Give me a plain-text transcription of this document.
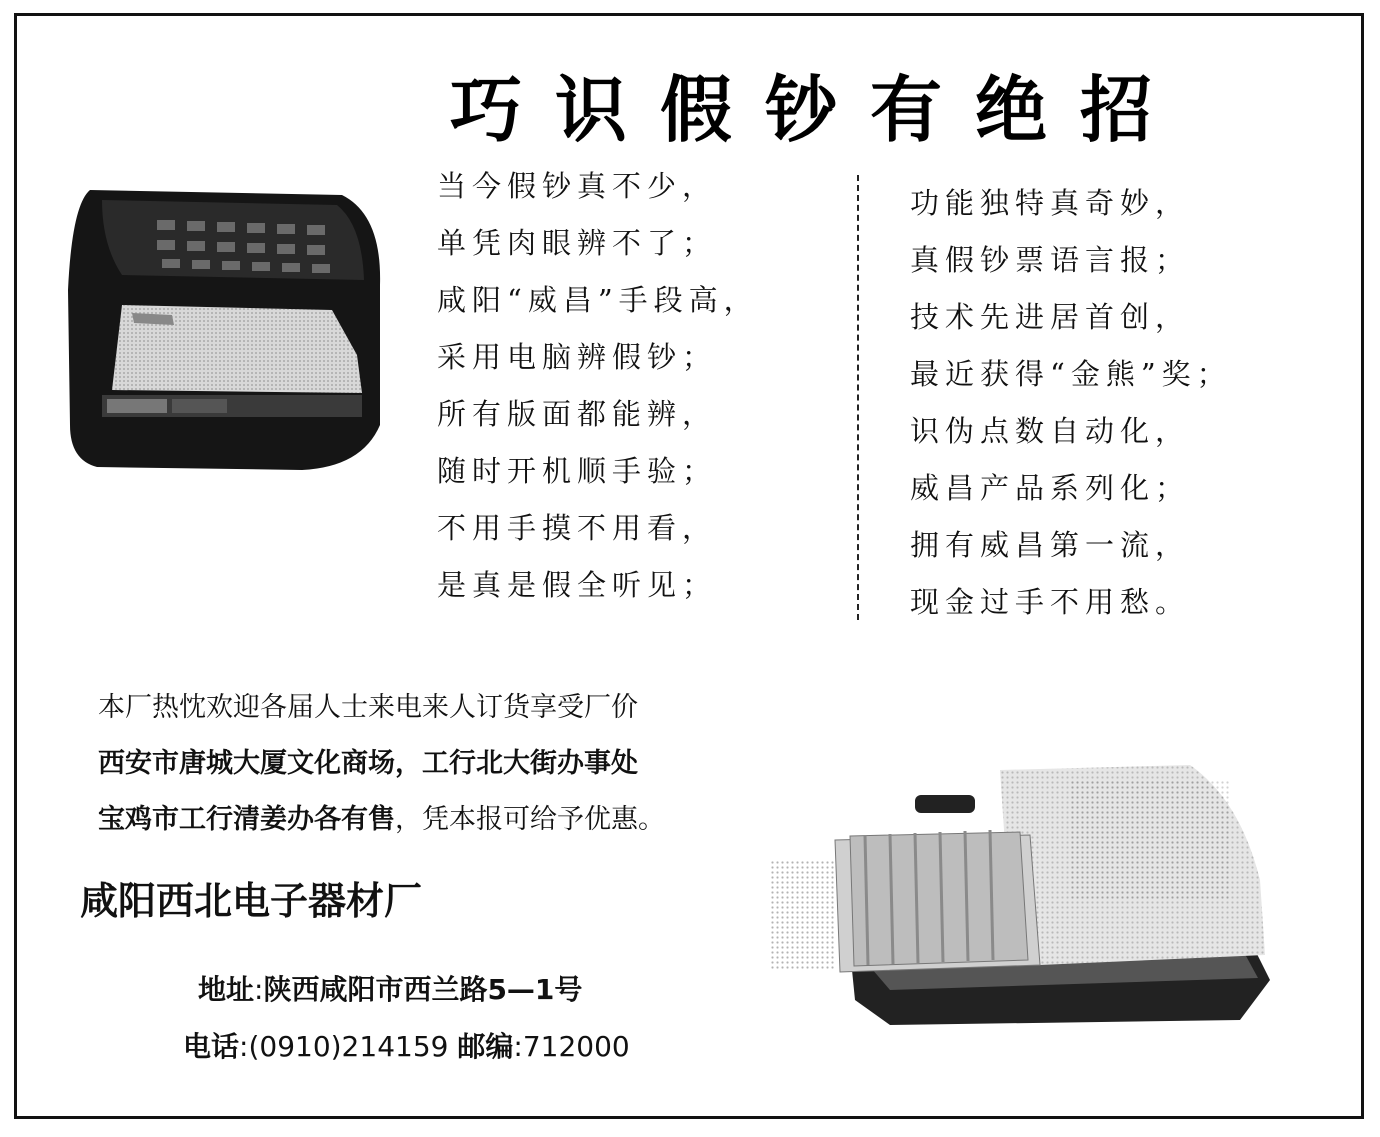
巧识假钞有绝招
当今假钞真不少，
单凭肉眼辨不了；
咸阳“威昌”手段高，
采用电脑辨假钞；
所有版面都能辨，
随时开机顺手验；
不用手摸不用看，
是真是假全听见；
功能独特真奇妙，
真假钞票语言报；
技术先进居首创，
最近获得“金熊”奖；
识伪点数自动化，
威昌产品系列化；
拥有威昌第一流，
现金过手不用愁。
本厂热忱欢迎各届人士来电来人订货享受厂价
西安市唐城大厦文化商场，工行北大街办事处
宝鸡市工行清姜办各有售，凭本报可给予优惠。
咸阳西北电子器材厂
地址:陕西咸阳市西兰路5—1号
电话:(0910)214159 邮编:712000
